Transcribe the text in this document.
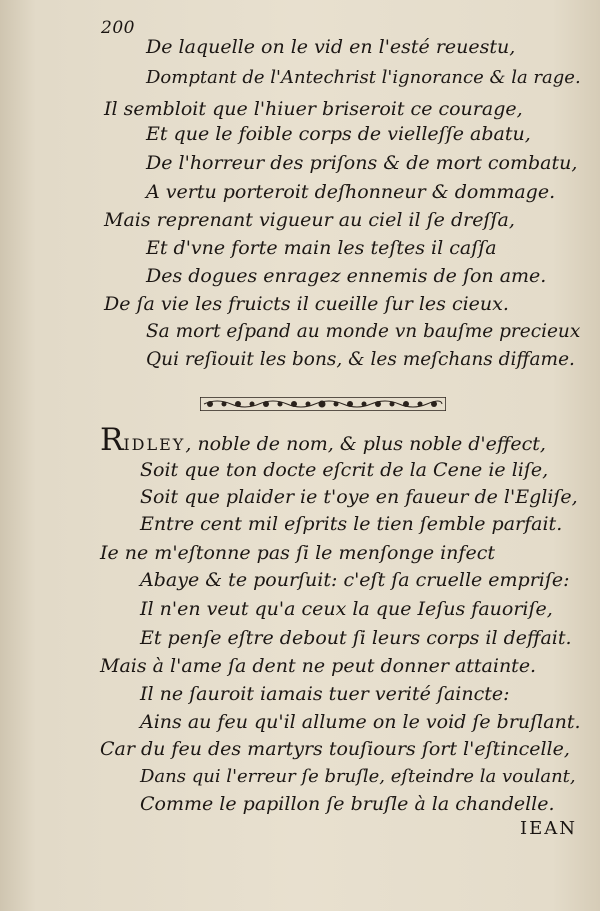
200
De laquelle on le vid en l'esté reuestu,
Domptant de l'Antechrist l'ignorance & la rage.
Il sembloit que l'hiuer briseroit ce courage,
Et que le foible corps de vielleſſe abatu,
De l'horreur des priſons & de mort combatu,
A vertu porteroit deſhonneur & dommage.
Mais reprenant vigueur au ciel il ſe dreſſa,
Et d'vne forte main les teſtes il caſſa
Des dogues enragez ennemis de ſon ame.
De ſa vie les fruicts il cueille ſur les cieux.
Sa mort eſpand au monde vn bauſme precieux
Qui reſiouit les bons, & les meſchans diffame.
RIDLEY, noble de nom, & plus noble d'effect,
Soit que ton docte eſcrit de la Cene ie liſe,
Soit que plaider ie t'oye en faueur de l'Egliſe,
Entre cent mil eſprits le tien ſemble parfait.
Ie ne m'eſtonne pas ſi le menſonge infect
Abaye & te pourſuit: c'eſt ſa cruelle empriſe:
Il n'en veut qu'a ceux la que Ieſus fauoriſe,
Et penſe eſtre debout ſi leurs corps il deffait.
Mais à l'ame ſa dent ne peut donner attainte.
Il ne ſauroit iamais tuer verité ſaincte:
Ains au feu qu'il allume on le void ſe bruſlant.
Car du feu des martyrs touſiours ſort l'eſtincelle,
Dans qui l'erreur ſe bruſle, eſteindre la voulant,
Comme le papillon ſe bruſle à la chandelle.
IEAN
